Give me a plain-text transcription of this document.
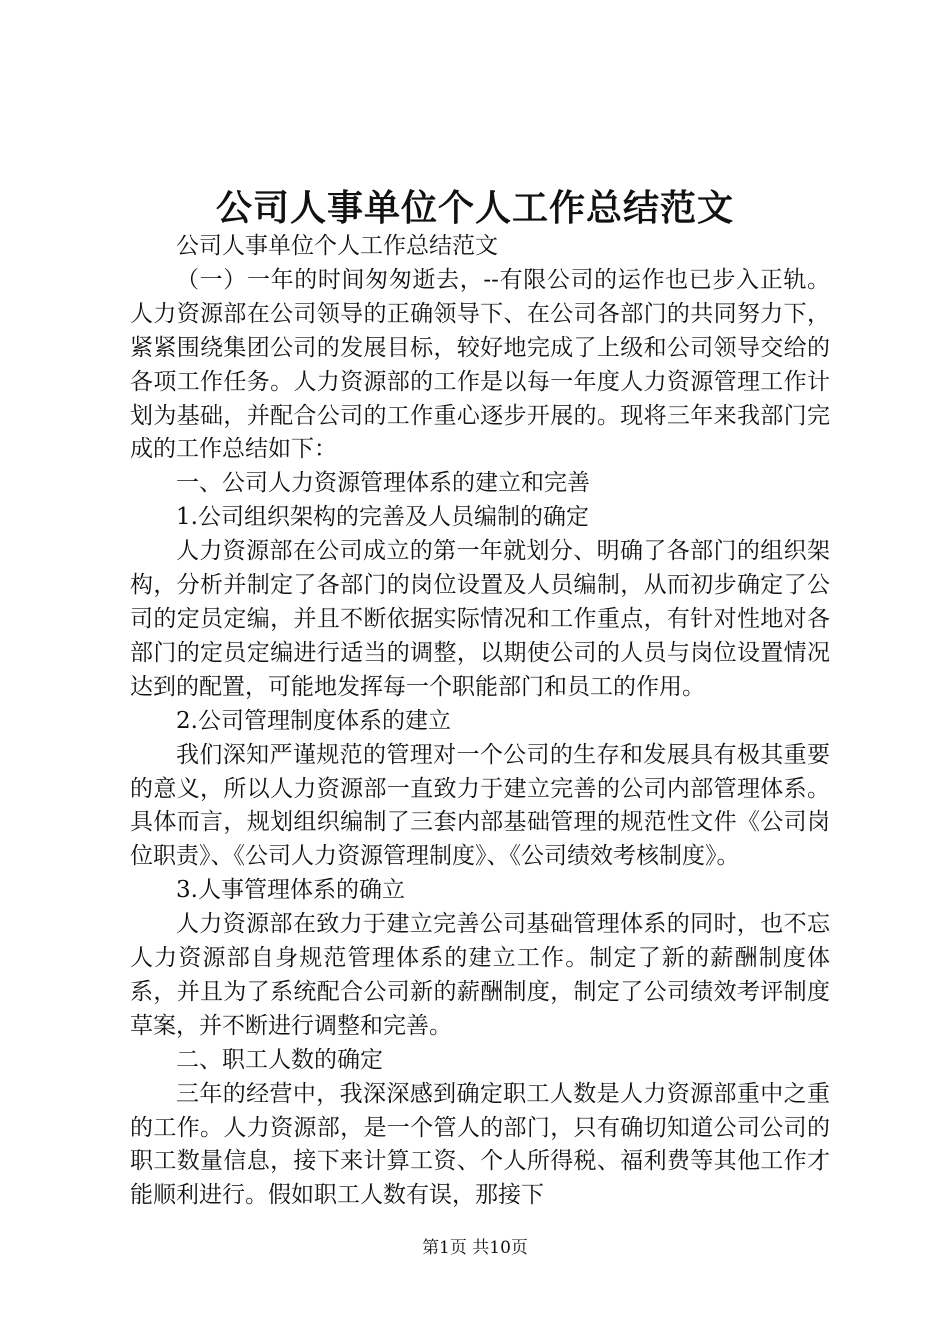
公司人事单位个人工作总结范文

公司人事单位个人工作总结范文

（一）一年的时间匆匆逝去，--有限公司的运作也已步入正轨。人力资源部在公司领导的正确领导下、在公司各部门的共同努力下，紧紧围绕集团公司的发展目标，较好地完成了上级和公司领导交给的各项工作任务。人力资源部的工作是以每一年度人力资源管理工作计划为基础，并配合公司的工作重心逐步开展的。现将三年来我部门完成的工作总结如下：

一、公司人力资源管理体系的建立和完善

1.公司组织架构的完善及人员编制的确定

人力资源部在公司成立的第一年就划分、明确了各部门的组织架构，分析并制定了各部门的岗位设置及人员编制，从而初步确定了公司的定员定编，并且不断依据实际情况和工作重点，有针对性地对各部门的定员定编进行适当的调整，以期使公司的人员与岗位设置情况达到的配置，可能地发挥每一个职能部门和员工的作用。

2.公司管理制度体系的建立

我们深知严谨规范的管理对一个公司的生存和发展具有极其重要的意义，所以人力资源部一直致力于建立完善的公司内部管理体系。具体而言，规划组织编制了三套内部基础管理的规范性文件《公司岗位职责》、《公司人力资源管理制度》、《公司绩效考核制度》。

3.人事管理体系的确立

人力资源部在致力于建立完善公司基础管理体系的同时，也不忘人力资源部自身规范管理体系的建立工作。制定了新的薪酬制度体系，并且为了系统配合公司新的薪酬制度，制定了公司绩效考评制度草案，并不断进行调整和完善。

二、职工人数的确定

三年的经营中，我深深感到确定职工人数是人力资源部重中之重的工作。人力资源部，是一个管人的部门，只有确切知道公司公司的职工数量信息，接下来计算工资、个人所得税、福利费等其他工作才能顺利进行。假如职工人数有误，那接下

第1页 共10页
